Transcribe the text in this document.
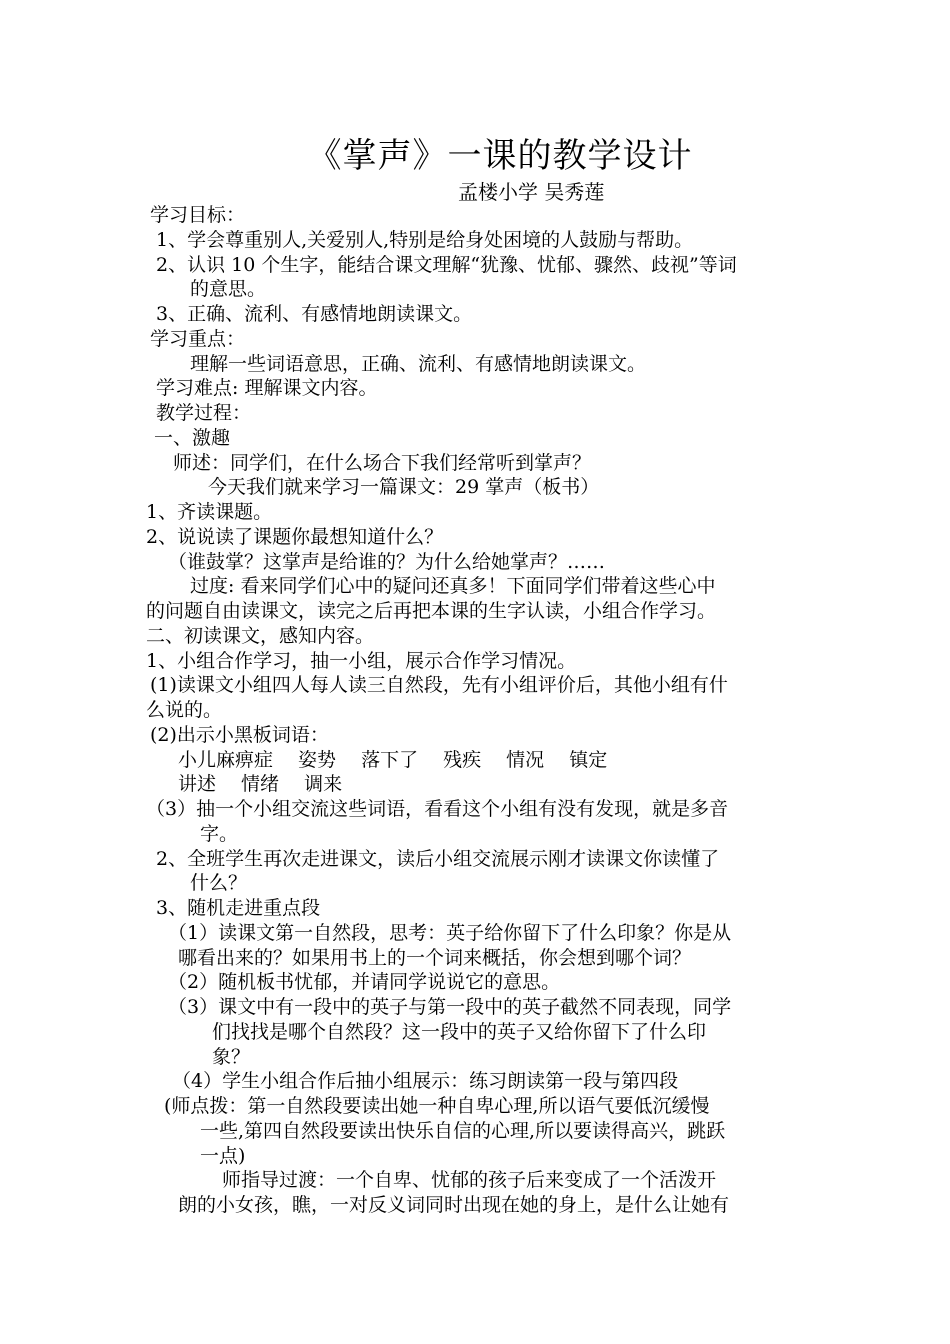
《掌声》一课的教学设计
孟楼小学 吴秀莲
学习目标：
1、学会尊重别人,关爱别人,特别是给身处困境的人鼓励与帮助。
2、认识 10 个生字，能结合课文理解“犹豫、忧郁、骤然、歧视”等词
的意思。
3、正确、流利、有感情地朗读课文。
学习重点：
理解一些词语意思，正确、流利、有感情地朗读课文。
学习难点: 理解课文内容。
教学过程：
一、激趣
师述：同学们，在什么场合下我们经常听到掌声？
今天我们就来学习一篇课文：29 掌声（板书）
1、齐读课题。
2、说说读了课题你最想知道什么？
（谁鼓掌？这掌声是给谁的？为什么给她掌声？……
过度: 看来同学们心中的疑问还真多！下面同学们带着这些心中
的问题自由读课文，读完之后再把本课的生字认读，小组合作学习。
二、初读课文，感知内容。
1、小组合作学习，抽一小组，展示合作学习情况。
(1)读课文小组四人每人读三自然段，先有小组评价后，其他小组有什
么说的。
(2)出示小黑板词语：
小儿麻痹症　 姿势　 落下了　 残疾　 情况　 镇定
讲述　 情绪　 调来
（3）抽一个小组交流这些词语，看看这个小组有没有发现，就是多音
字。
2、全班学生再次走进课文，读后小组交流展示刚才读课文你读懂了
什么？
3、随机走进重点段
（1）读课文第一自然段，思考：英子给你留下了什么印象？你是从
哪看出来的？如果用书上的一个词来概括，你会想到哪个词？
（2）随机板书忧郁，并请同学说说它的意思。
（3）课文中有一段中的英子与第一段中的英子截然不同表现，同学
们找找是哪个自然段？这一段中的英子又给你留下了什么印
象？
（4）学生小组合作后抽小组展示：练习朗读第一段与第四段
(师点拨：第一自然段要读出她一种自卑心理,所以语气要低沉缓慢
一些,第四自然段要读出快乐自信的心理,所以要读得高兴，跳跃
一点)
师指导过渡：一个自卑、忧郁的孩子后来变成了一个活泼开
朗的小女孩，瞧，一对反义词同时出现在她的身上，是什么让她有
